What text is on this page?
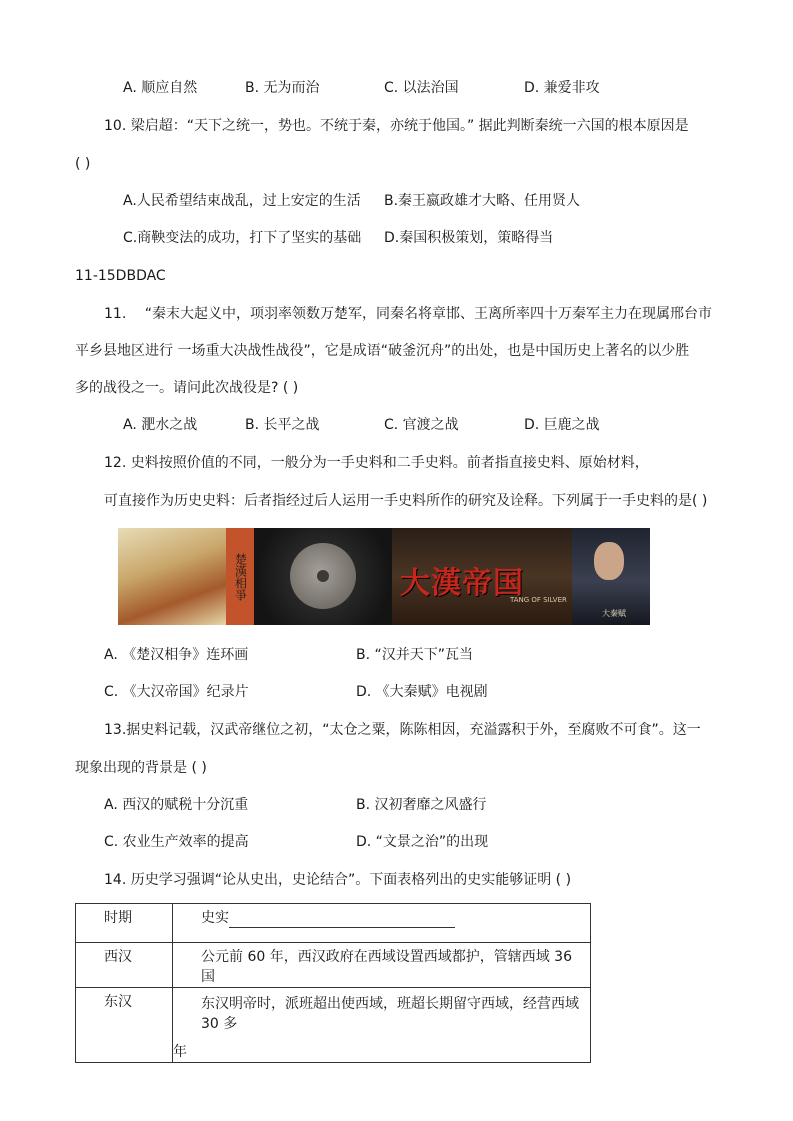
A. 顺应自然	B. 无为而治	C. 以法治国	D. 兼爱非攻
10. 梁启超：“天下之统一，势也。不统于秦，亦统于他国。” 据此判断秦统一六国的根本原因是
( )
A.人民希望结束战乱，过上安定的生活 B.秦王嬴政雄才大略、任用贤人
C.商鞅变法的成功，打下了坚实的基础 D.秦国积极策划，策略得当
11-15DBDAC
11.　 “秦末大起义中，项羽率领数万楚军，同秦名将章邯、王离所率四十万秦军主力在现属邢台市
平乡县地区进行 一场重大决战性战役”，它是成语“破釜沉舟”的出处，也是中国历史上著名的以少胜
多的战役之一。请问此次战役是? ( )
A. 淝水之战	B. 长平之战	C. 官渡之战	D. 巨鹿之战
12. 史料按照价值的不同，一般分为一手史料和二手史料。前者指直接史料、原始材料，
可直接作为历史史料：后者指经过后人运用一手史料所作的研究及诠释。下列属于一手史料的是( )
楚漢相爭	大漢帝国
TANG OF SILVER
大秦赋
A. 《楚汉相争》连环画	B. “汉并天下”瓦当
C. 《大汉帝国》纪录片	D. 《大秦赋》电视剧
13.据史料记载，汉武帝继位之初，“太仓之粟，陈陈相因，充溢露积于外，至腐败不可食”。这一
现象出现的背景是 ( )
A. 西汉的赋税十分沉重	B. 汉初奢靡之风盛行
C. 农业生产效率的提高	D. “文景之治”的出现
14. 历史学习强调“论从史出，史论结合”。下面表格列出的史实能够证明 ( )
时期	史实
西汉	公元前 60 年，西汉政府在西域设置西域都护，管辖西域 36 国
东汉	东汉明帝时，派班超出使西域，班超长期留守西域，经营西域 30 多
年
